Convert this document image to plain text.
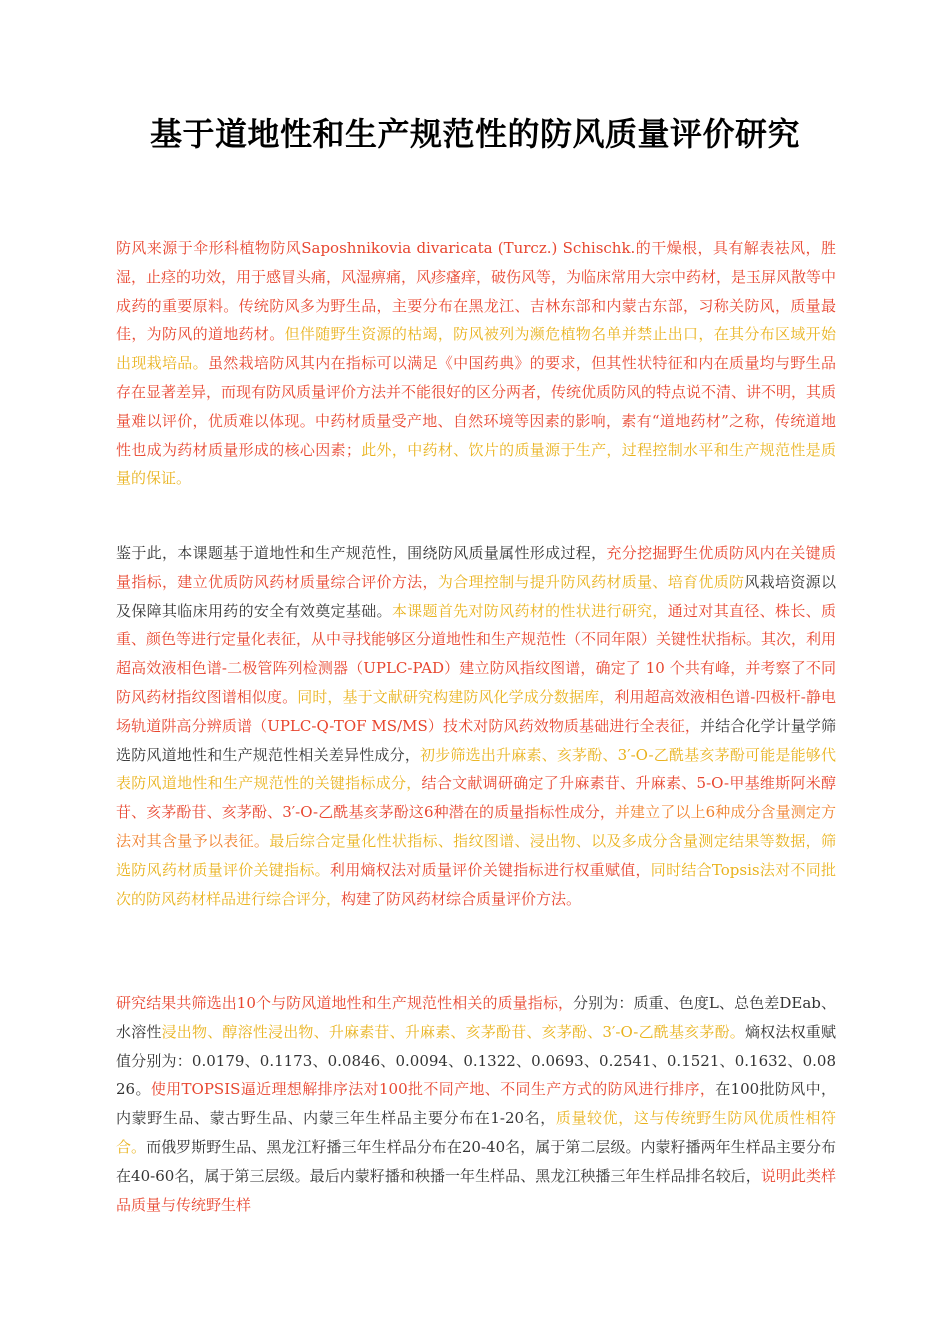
基于道地性和生产规范性的防风质量评价研究

防风来源于伞形科植物防风Saposhnikovia divaricata (Turcz.) Schischk.的干燥根，具有解表祛风，胜湿，止痉的功效，用于感冒头痛，风湿痹痛，风疹瘙痒，破伤风等，为临床常用大宗中药材，是玉屏风散等中成药的重要原料。传统防风多为野生品，主要分布在黑龙江、吉林东部和内蒙古东部，习称关防风，质量最佳，为防风的道地药材。但伴随野生资源的枯竭，防风被列为濒危植物名单并禁止出口，在其分布区域开始出现栽培品。虽然栽培防风其内在指标可以满足《中国药典》的要求，但其性状特征和内在质量均与野生品存在显著差异，而现有防风质量评价方法并不能很好的区分两者，传统优质防风的特点说不清、讲不明，其质量难以评价，优质难以体现。中药材质量受产地、自然环境等因素的影响，素有“道地药材”之称，传统道地性也成为药材质量形成的核心因素；此外，中药材、饮片的质量源于生产，过程控制水平和生产规范性是质量的保证。

鉴于此，本课题基于道地性和生产规范性，围绕防风质量属性形成过程，充分挖掘野生优质防风内在关键质量指标，建立优质防风药材质量综合评价方法，为合理控制与提升防风药材质量、培育优质防风栽培资源以及保障其临床用药的安全有效奠定基础。本课题首先对防风药材的性状进行研究，通过对其直径、株长、质重、颜色等进行定量化表征，从中寻找能够区分道地性和生产规范性（不同年限）关键性状指标。其次，利用超高效液相色谱-二极管阵列检测器（UPLC-PAD）建立防风指纹图谱，确定了 10 个共有峰，并考察了不同防风药材指纹图谱相似度。同时，基于文献研究构建防风化学成分数据库，利用超高效液相色谱-四极杆-静电场轨道阱高分辨质谱（UPLC-Q-TOF MS/MS）技术对防风药效物质基础进行全表征，并结合化学计量学筛选防风道地性和生产规范性相关差异性成分，初步筛选出升麻素、亥茅酚、3′-O-乙酰基亥茅酚可能是能够代表防风道地性和生产规范性的关键指标成分，结合文献调研确定了升麻素苷、升麻素、5-O-甲基维斯阿米醇苷、亥茅酚苷、亥茅酚、3′-O-乙酰基亥茅酚这6种潜在的质量指标性成分，并建立了以上6种成分含量测定方法对其含量予以表征。最后综合定量化性状指标、指纹图谱、浸出物、以及多成分含量测定结果等数据，筛选防风药材质量评价关键指标。利用熵权法对质量评价关键指标进行权重赋值，同时结合Topsis法对不同批次的防风药材样品进行综合评分，构建了防风药材综合质量评价方法。

研究结果共筛选出10个与防风道地性和生产规范性相关的质量指标，分别为：质重、色度L、总色差DEab、水溶性浸出物、醇溶性浸出物、升麻素苷、升麻素、亥茅酚苷、亥茅酚、3′-O-乙酰基亥茅酚。熵权法权重赋值分别为：0.0179、0.1173、0.0846、0.0094、0.1322、0.0693、0.2541、0.1521、0.1632、0.0826。使用TOPSIS逼近理想解排序法对100批不同产地、不同生产方式的防风进行排序，在100批防风中，内蒙野生品、蒙古野生品、内蒙三年生样品主要分布在1-20名，质量较优，这与传统野生防风优质性相符合。而俄罗斯野生品、黑龙江籽播三年生样品分布在20-40名，属于第二层级。内蒙籽播两年生样品主要分布在40-60名，属于第三层级。最后内蒙籽播和秧播一年生样品、黑龙江秧播三年生样品排名较后，说明此类样品质量与传统野生样
